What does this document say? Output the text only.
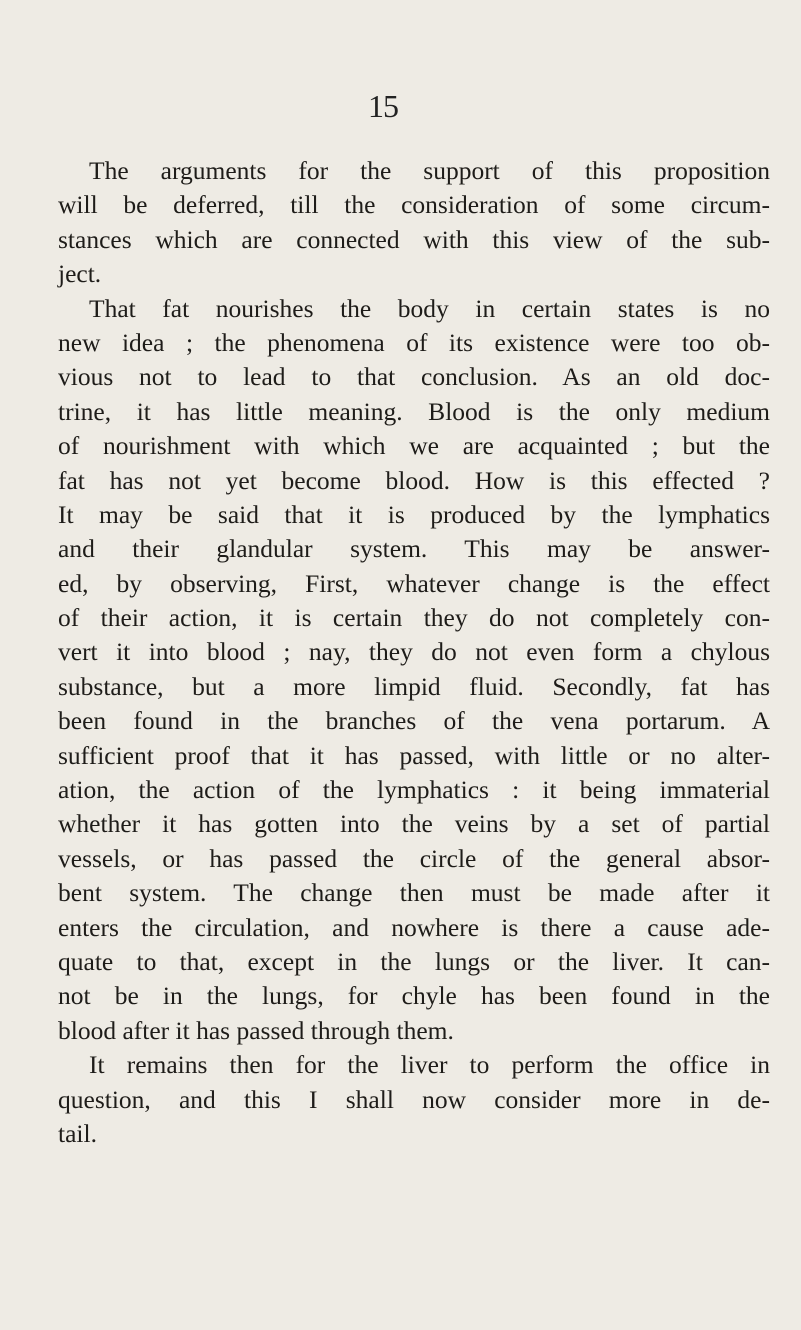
15
The arguments for the support of this proposition
will be deferred, till the consideration of some circum-
stances which are connected with this view of the sub-
ject.
That fat nourishes the body in certain states is no
new idea ; the phenomena of its existence were too ob-
vious not to lead to that conclusion. As an old doc-
trine, it has little meaning. Blood is the only medium
of nourishment with which we are acquainted ; but the
fat has not yet become blood. How is this effected ?
It may be said that it is produced by the lymphatics
and their glandular system. This may be answer-
ed, by observing, First, whatever change is the effect
of their action, it is certain they do not completely con-
vert it into blood ; nay, they do not even form a chylous
substance, but a more limpid fluid. Secondly, fat has
been found in the branches of the vena portarum. A
sufficient proof that it has passed, with little or no alter-
ation, the action of the lymphatics : it being immaterial
whether it has gotten into the veins by a set of partial
vessels, or has passed the circle of the general absor-
bent system. The change then must be made after it
enters the circulation, and nowhere is there a cause ade-
quate to that, except in the lungs or the liver. It can-
not be in the lungs, for chyle has been found in the
blood after it has passed through them.
It remains then for the liver to perform the office in
question, and this I shall now consider more in de-
tail.
